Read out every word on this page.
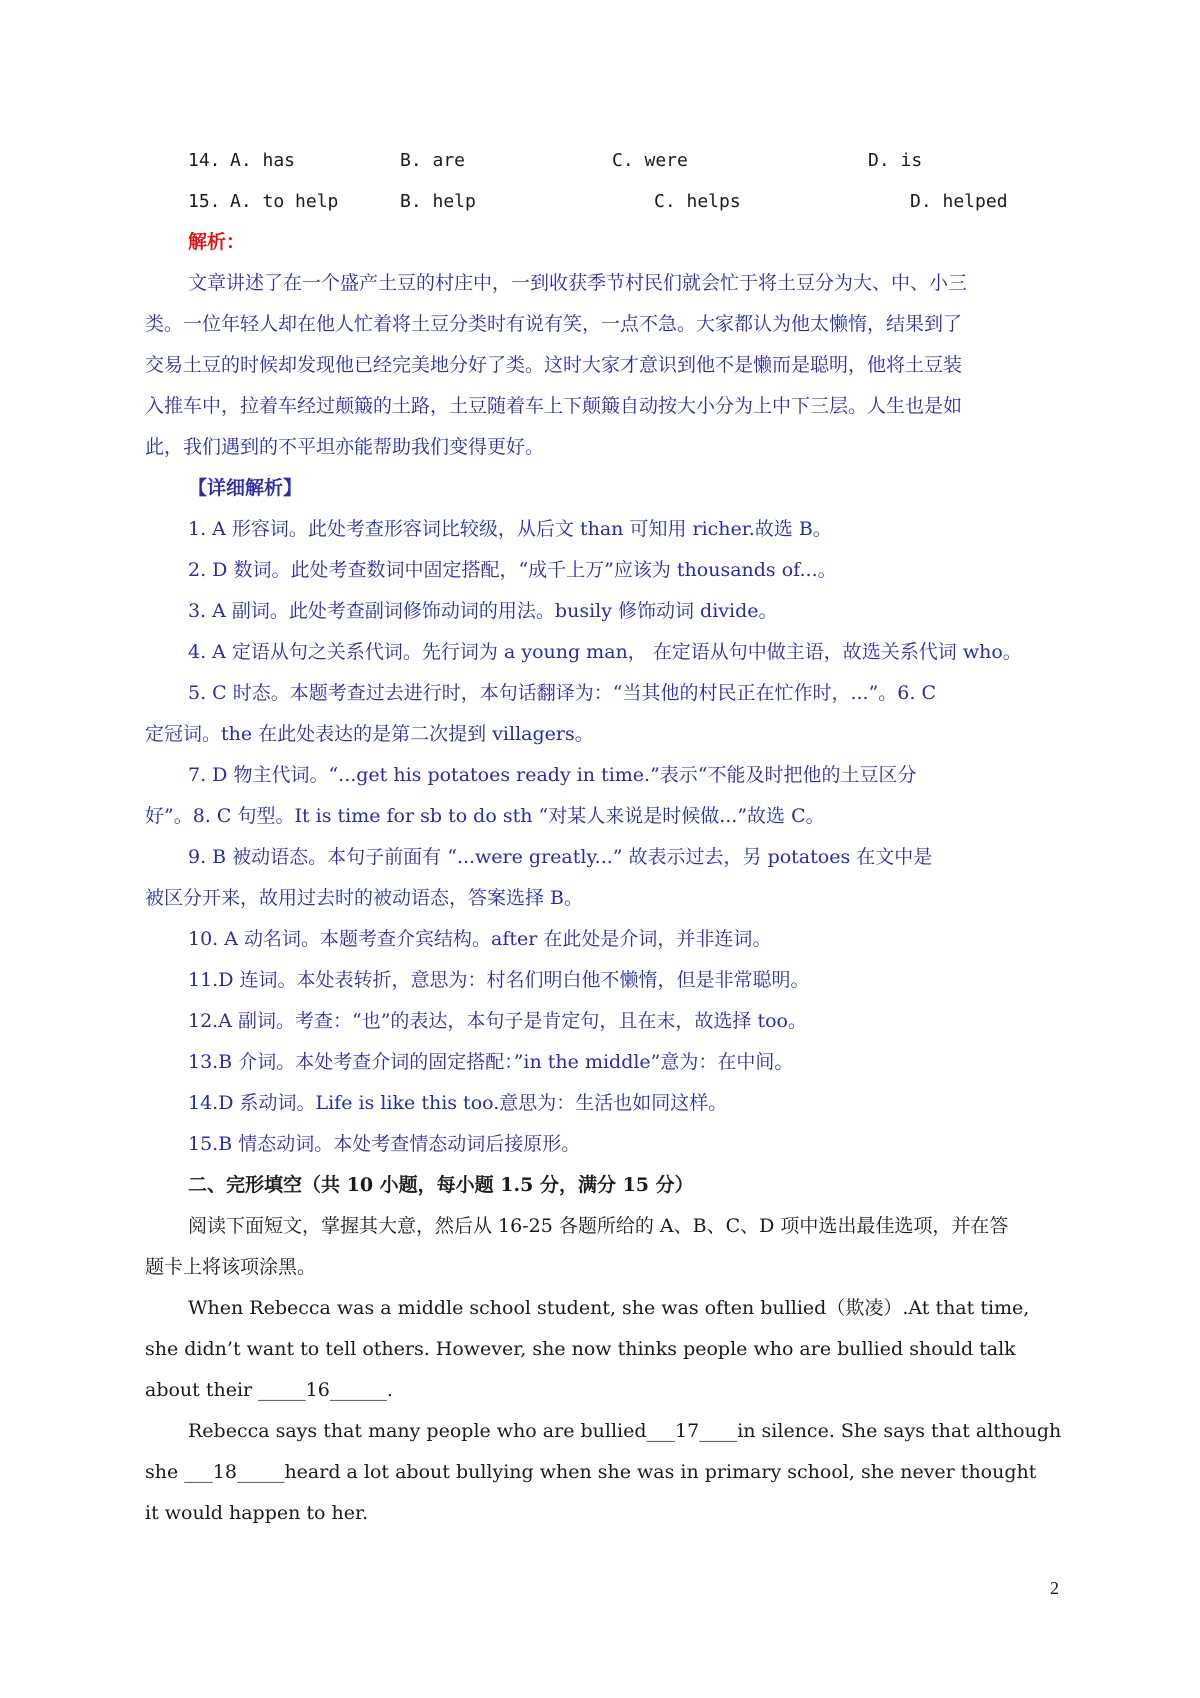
14. A. has	B. are	C. were	D. is
15. A. to help	B. help	C. helps	D. helped
解析：
文章讲述了在一个盛产土豆的村庄中，一到收获季节村民们就会忙于将土豆分为大、中、小三
类。一位年轻人却在他人忙着将土豆分类时有说有笑，一点不急。大家都认为他太懒惰，结果到了
交易土豆的时候却发现他已经完美地分好了类。这时大家才意识到他不是懒而是聪明，他将土豆装
入推车中，拉着车经过颠簸的土路，土豆随着车上下颠簸自动按大小分为上中下三层。人生也是如
此，我们遇到的不平坦亦能帮助我们变得更好。
【详细解析】
1. A 形容词。此处考查形容词比较级，从后文 than 可知用 richer.故选 B。
2. D 数词。此处考查数词中固定搭配，“成千上万”应该为 thousands of...。
3. A 副词。此处考查副词修饰动词的用法。busily 修饰动词 divide。
4. A 定语从句之关系代词。先行词为 a young man， 在定语从句中做主语，故选关系代词 who。
5. C 时态。本题考查过去进行时，本句话翻译为：“当其他的村民正在忙作时，...”。6. C
定冠词。the 在此处表达的是第二次提到 villagers。
7. D 物主代词。“...get his potatoes ready in time.”表示“不能及时把他的土豆区分
好”。8. C 句型。It is time for sb to do sth “对某人来说是时候做...”故选 C。
9. B 被动语态。本句子前面有 “...were greatly...” 故表示过去，另 potatoes 在文中是
被区分开来，故用过去时的被动语态，答案选择 B。
10. A 动名词。本题考查介宾结构。after 在此处是介词，并非连词。
11.D 连词。本处表转折，意思为：村名们明白他不懒惰，但是非常聪明。
12.A 副词。考查：“也”的表达，本句子是肯定句，且在末，故选择 too。
13.B 介词。本处考查介词的固定搭配：”in the middle”意为：在中间。
14.D 系动词。Life is like this too.意思为：生活也如同这样。
15.B 情态动词。本处考查情态动词后接原形。
二、完形填空（共 10 小题，每小题 1.5 分，满分 15 分）
阅读下面短文，掌握其大意，然后从 16-25 各题所给的 A、B、C、D 项中选出最佳选项，并在答
题卡上将该项涂黑。
When Rebecca was a middle school student, she was often bullied（欺凌）.At that time,
she didn’t want to tell others. However, she now thinks people who are bullied should talk
about their _____16______.
Rebecca says that many people who are bullied___17____in silence. She says that although
she ___18_____heard a lot about bullying when she was in primary school, she never thought
it would happen to her.
2
